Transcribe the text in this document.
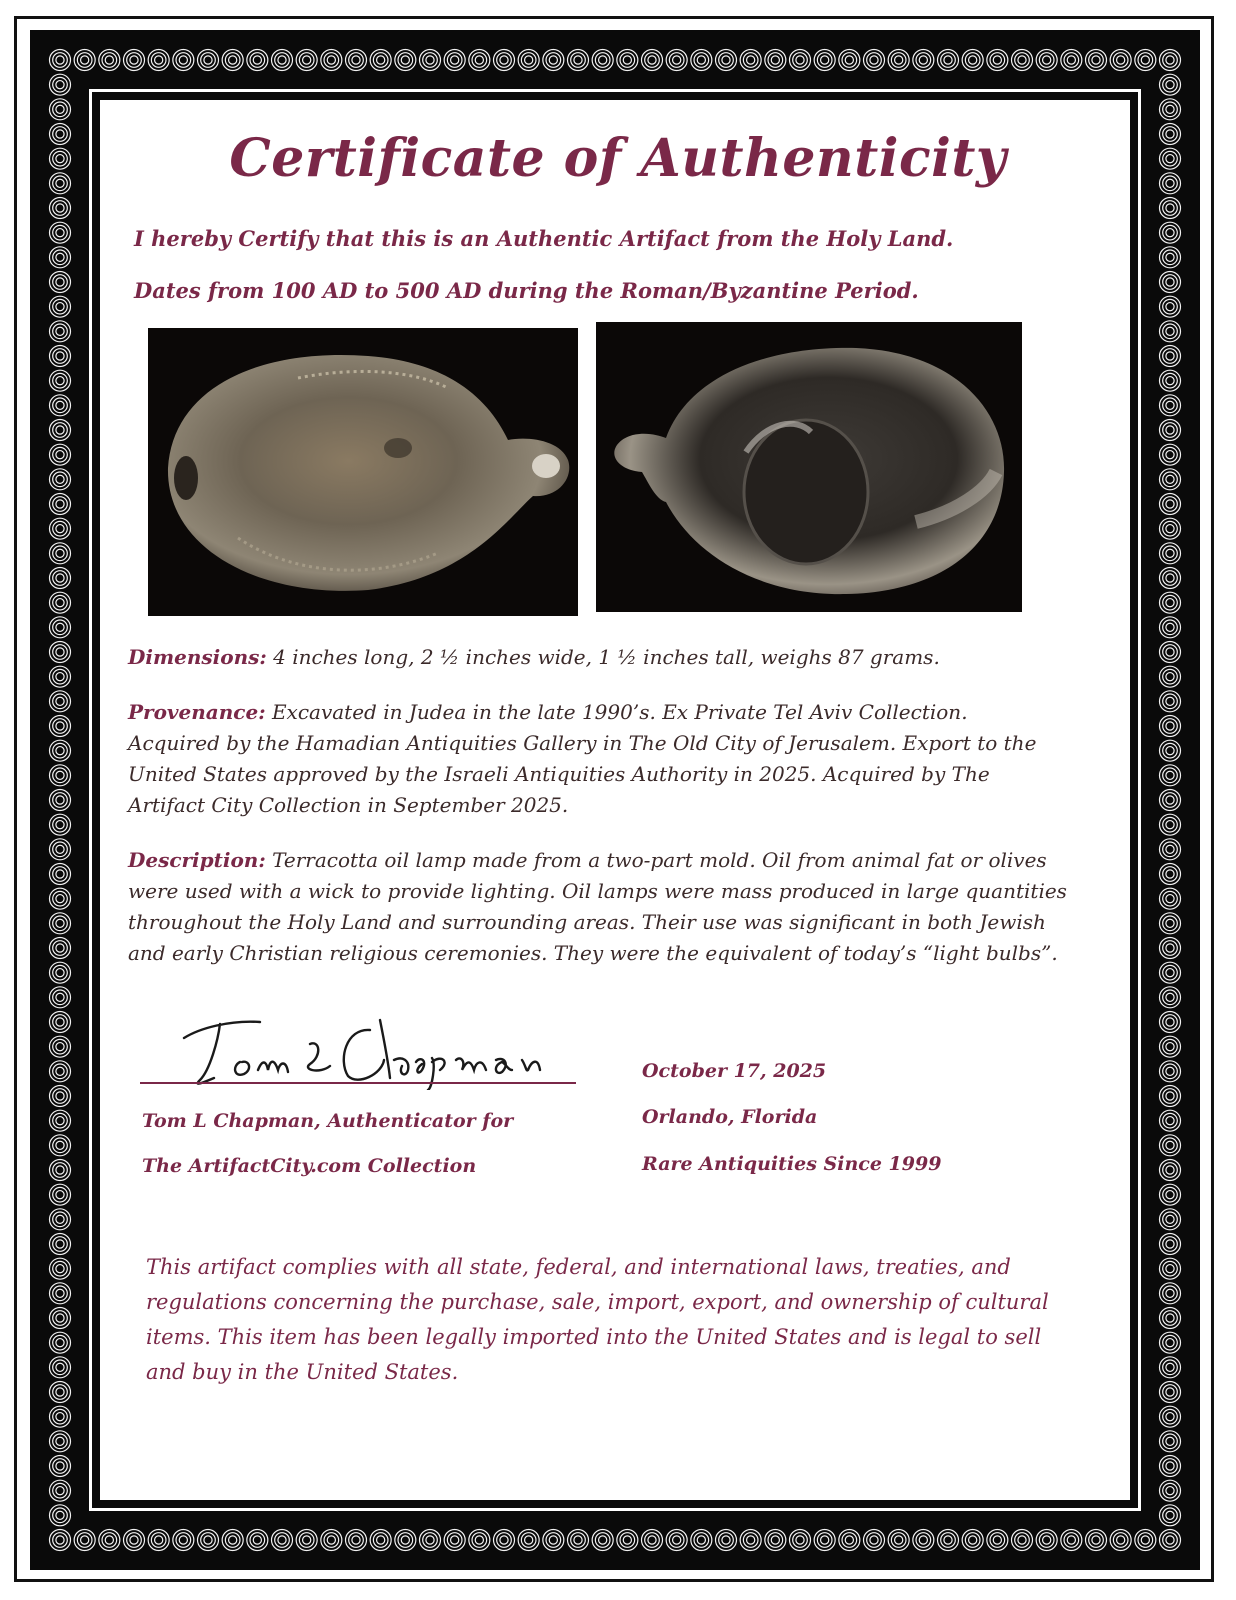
Certificate of Authenticity
I hereby Certify that this is an Authentic Artifact from the Holy Land.
Dates from 100 AD to 500 AD during the Roman/Byzantine Period.
Dimensions: 4 inches long, 2 ½ inches wide, 1 ½ inches tall, weighs 87 grams.
Provenance: Excavated in Judea in the late 1990’s. Ex Private Tel Aviv Collection. Acquired by the Hamadian Antiquities Gallery in The Old City of Jerusalem. Export to the United States approved by the Israeli Antiquities Authority in 2025. Acquired by The Artifact City Collection in September 2025.
Description: Terracotta oil lamp made from a two-part mold. Oil from animal fat or olives were used with a wick to provide lighting. Oil lamps were mass produced in large quantities throughout the Holy Land and surrounding areas. Their use was significant in both Jewish and early Christian religious ceremonies. They were the equivalent of today’s “light bulbs”.
Tom L Chapman, Authenticator for
The ArtifactCity.com Collection
October 17, 2025
Orlando, Florida
Rare Antiquities Since 1999
This artifact complies with all state, federal, and international laws, treaties, and regulations concerning the purchase, sale, import, export, and ownership of cultural items. This item has been legally imported into the United States and is legal to sell and buy in the United States.
